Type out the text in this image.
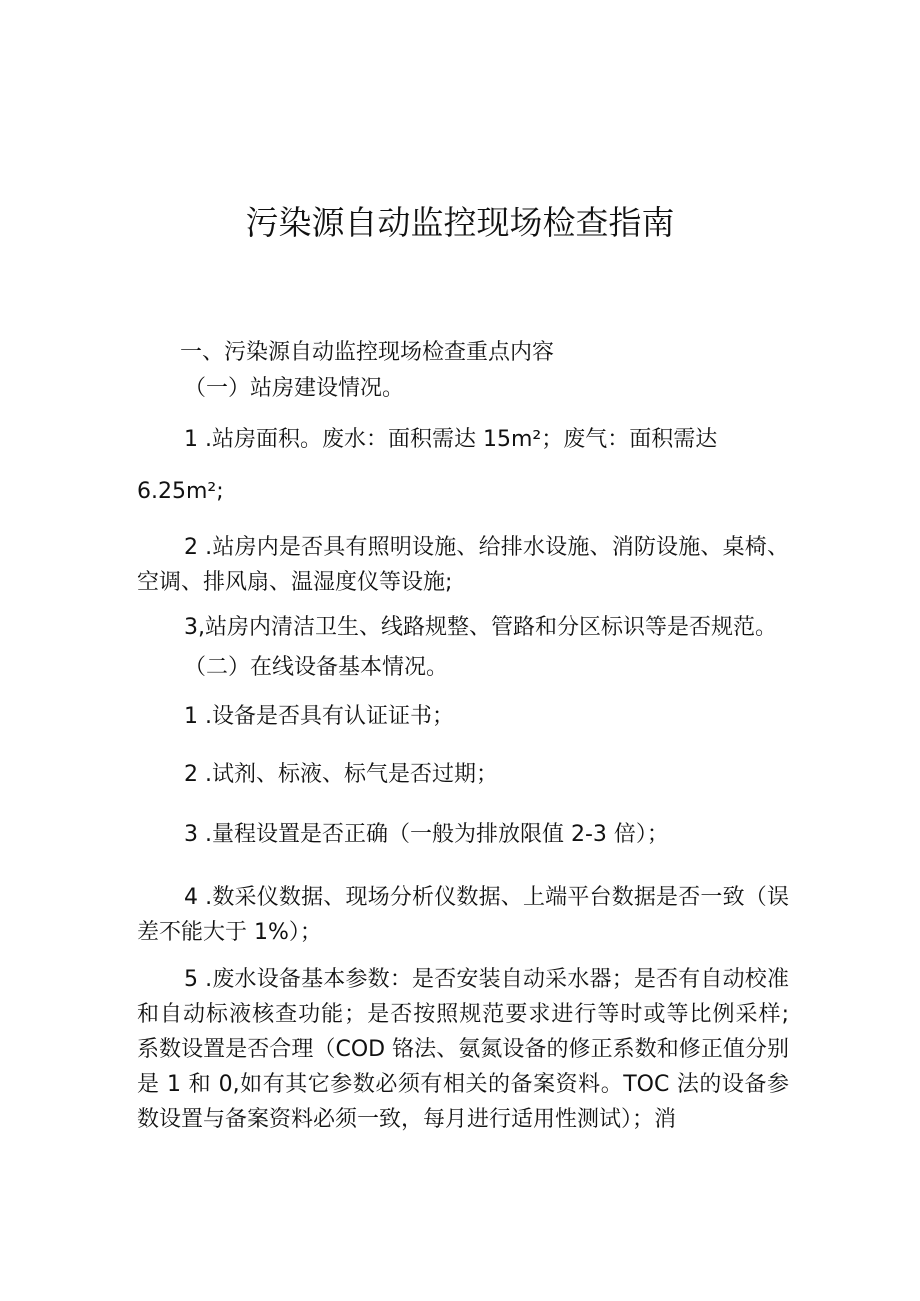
污染源自动监控现场检查指南
一、污染源自动监控现场检查重点内容
（一）站房建设情况。
1 .站房面积。废水：面积需达 15m²；废气：面积需达
6.25m²;
2 .站房内是否具有照明设施、给排水设施、消防设施、桌椅、空调、排风扇、温湿度仪等设施;
3,站房内清洁卫生、线路规整、管路和分区标识等是否规范。
（二）在线设备基本情况。
1 .设备是否具有认证证书；
2 .试剂、标液、标气是否过期；
3 .量程设置是否正确（一般为排放限值 2-3 倍）；
4 .数采仪数据、现场分析仪数据、上端平台数据是否一致（误差不能大于 1%）；
5 .废水设备基本参数：是否安装自动采水器；是否有自动校准和自动标液核查功能；是否按照规范要求进行等时或等比例采样; 系数设置是否合理（COD 铬法、氨氮设备的修正系数和修正值分别是 1 和 0,如有其它参数必须有相关的备案资料。TOC 法的设备参数设置与备案资料必须一致，每月进行适用性测试）；消
